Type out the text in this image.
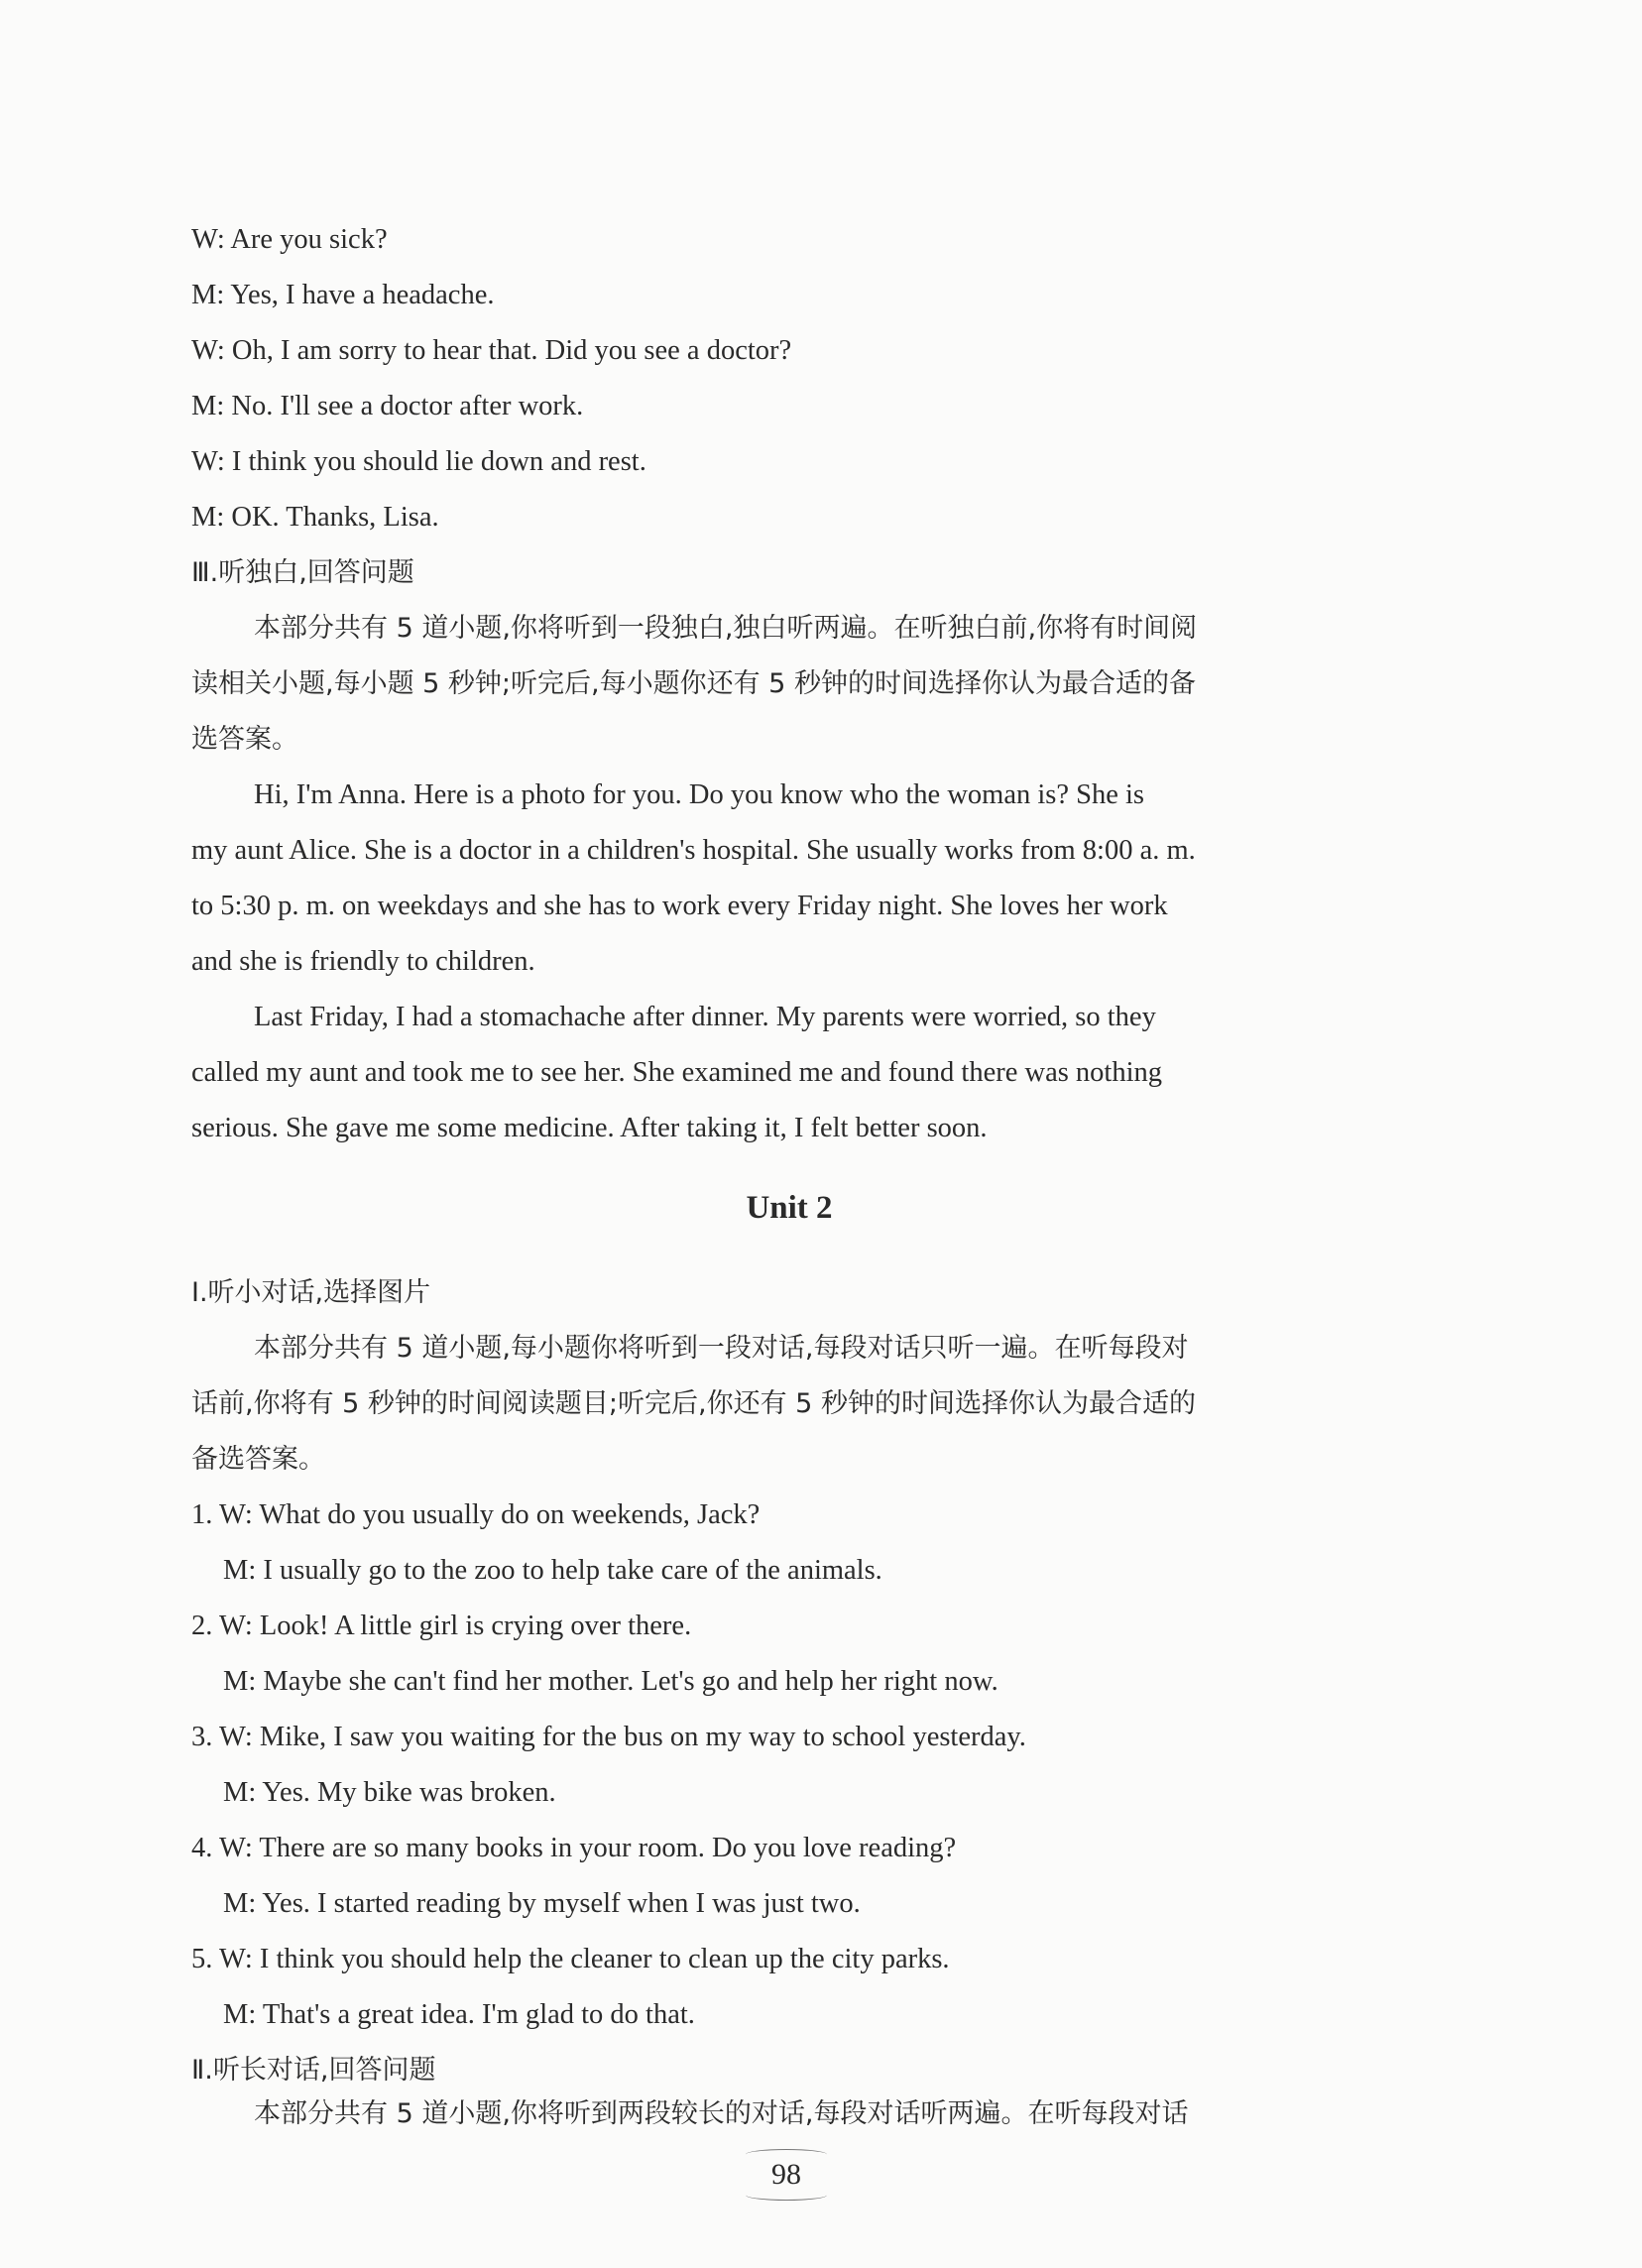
W: Are you sick?
M: Yes, I have a headache.
W: Oh, I am sorry to hear that. Did you see a doctor?
M: No. I'll see a doctor after work.
W: I think you should lie down and rest.
M: OK. Thanks, Lisa.
Ⅲ.听独白,回答问题
本部分共有 5 道小题,你将听到一段独白,独白听两遍。在听独白前,你将有时间阅
读相关小题,每小题 5 秒钟;听完后,每小题你还有 5 秒钟的时间选择你认为最合适的备
选答案。
Hi, I'm Anna. Here is a photo for you. Do you know who the woman is? She is
my aunt Alice. She is a doctor in a children's hospital. She usually works from 8:00 a. m.
to 5:30 p. m. on weekdays and she has to work every Friday night. She loves her work
and she is friendly to children.
Last Friday, I had a stomachache after dinner. My parents were worried, so they
called my aunt and took me to see her. She examined me and found there was nothing
serious. She gave me some medicine. After taking it, I felt better soon.
Unit 2
Ⅰ.听小对话,选择图片
本部分共有 5 道小题,每小题你将听到一段对话,每段对话只听一遍。在听每段对
话前,你将有 5 秒钟的时间阅读题目;听完后,你还有 5 秒钟的时间选择你认为最合适的
备选答案。
1. W: What do you usually do on weekends, Jack?
M: I usually go to the zoo to help take care of the animals.
2. W: Look! A little girl is crying over there.
M: Maybe she can't find her mother. Let's go and help her right now.
3. W: Mike, I saw you waiting for the bus on my way to school yesterday.
M: Yes. My bike was broken.
4. W: There are so many books in your room. Do you love reading?
M: Yes. I started reading by myself when I was just two.
5. W: I think you should help the cleaner to clean up the city parks.
M: That's a great idea. I'm glad to do that.
Ⅱ.听长对话,回答问题
本部分共有 5 道小题,你将听到两段较长的对话,每段对话听两遍。在听每段对话
98
